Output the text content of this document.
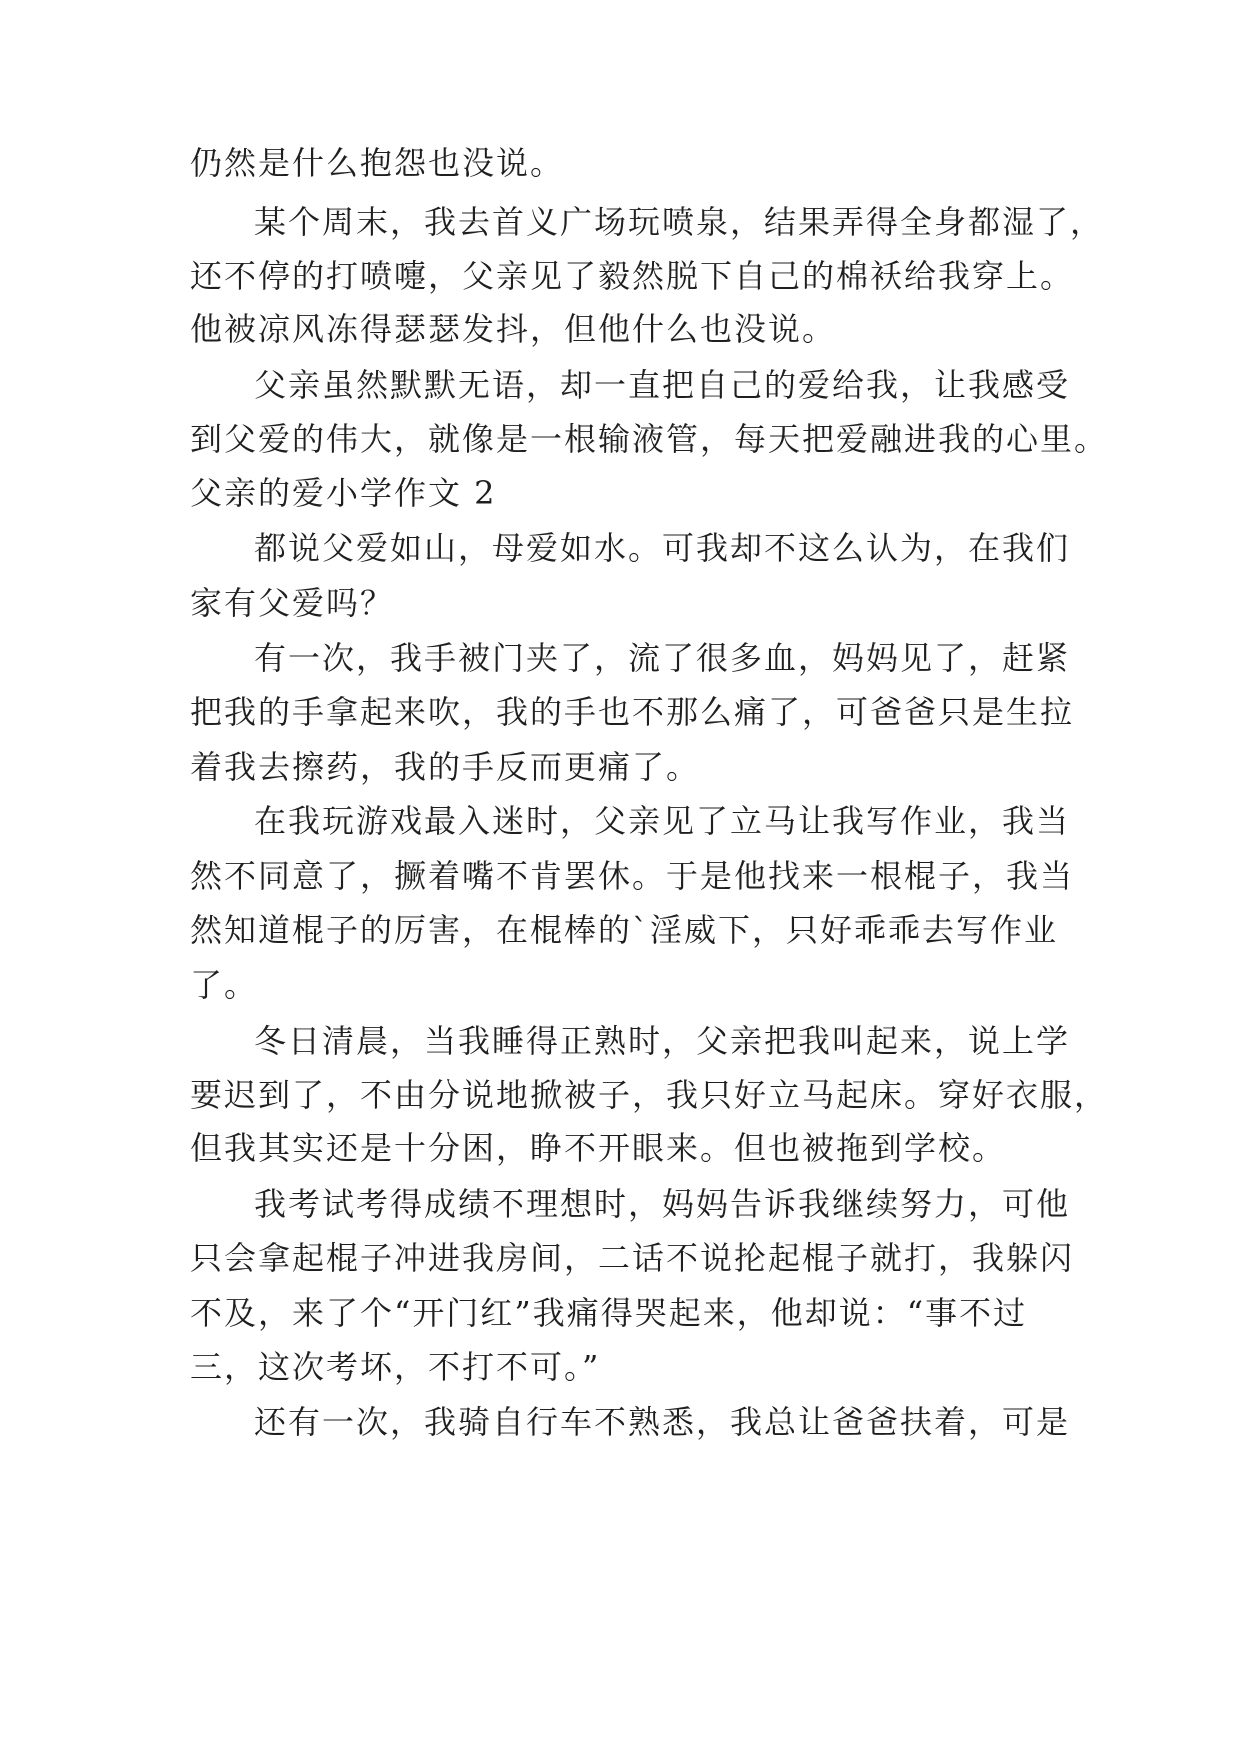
仍然是什么抱怨也没说。
某个周末，我去首义广场玩喷泉，结果弄得全身都湿了，
还不停的打喷嚏，父亲见了毅然脱下自己的棉袄给我穿上。
他被凉风冻得瑟瑟发抖，但他什么也没说。
父亲虽然默默无语，却一直把自己的爱给我，让我感受
到父爱的伟大，就像是一根输液管，每天把爱融进我的心里。
父亲的爱小学作文 2
都说父爱如山，母爱如水。可我却不这么认为，在我们
家有父爱吗？
有一次，我手被门夹了，流了很多血，妈妈见了，赶紧
把我的手拿起来吹，我的手也不那么痛了，可爸爸只是生拉
着我去擦药，我的手反而更痛了。
在我玩游戏最入迷时，父亲见了立马让我写作业，我当
然不同意了，撅着嘴不肯罢休。于是他找来一根棍子，我当
然知道棍子的厉害，在棍棒的`淫威下，只好乖乖去写作业
了。
冬日清晨，当我睡得正熟时，父亲把我叫起来，说上学
要迟到了，不由分说地掀被子，我只好立马起床。穿好衣服，
但我其实还是十分困，睁不开眼来。但也被拖到学校。
我考试考得成绩不理想时，妈妈告诉我继续努力，可他
只会拿起棍子冲进我房间，二话不说抡起棍子就打，我躲闪
不及，来了个“开门红”我痛得哭起来，他却说：“事不过
三，这次考坏，不打不可。”
还有一次，我骑自行车不熟悉，我总让爸爸扶着，可是
